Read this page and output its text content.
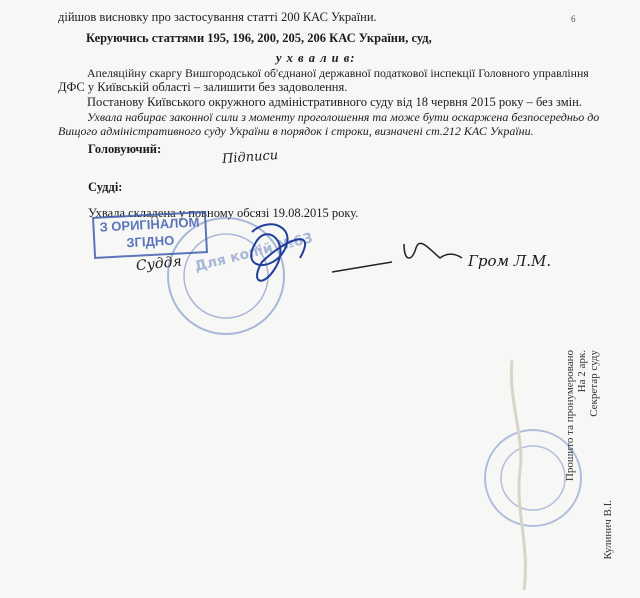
6
дійшов висновку про застосування статті 200 КАС України.
Керуючись статтями 195, 196, 200, 205, 206 КАС України, суд,
у х в а л и в:
Апеляційну скаргу Вишгородської об'єднаної державної податкової інспекції Головного управління
ДФС у Київській області – залишити без задоволення.
Постанову Київського окружного адміністративного суду від 18 червня 2015 року – без змін.
Ухвала набирає законної сили з моменту проголошення та може бути оскаржена безпосередньо до
Вищого адміністративного суду України в порядок і строки, визначені ст.212 КАС України.
Головуючий:
Судді:
Ухвала складена у повному обсязі 19.08.2015 року.
Підписи
Для копій №63
З ОРИГІНАЛОМ
ЗГІДНО
Суддя	Гром Л.М.
Прошито та пронумеровано На 2 арк. Секретар суду
Кулинич В.І.
